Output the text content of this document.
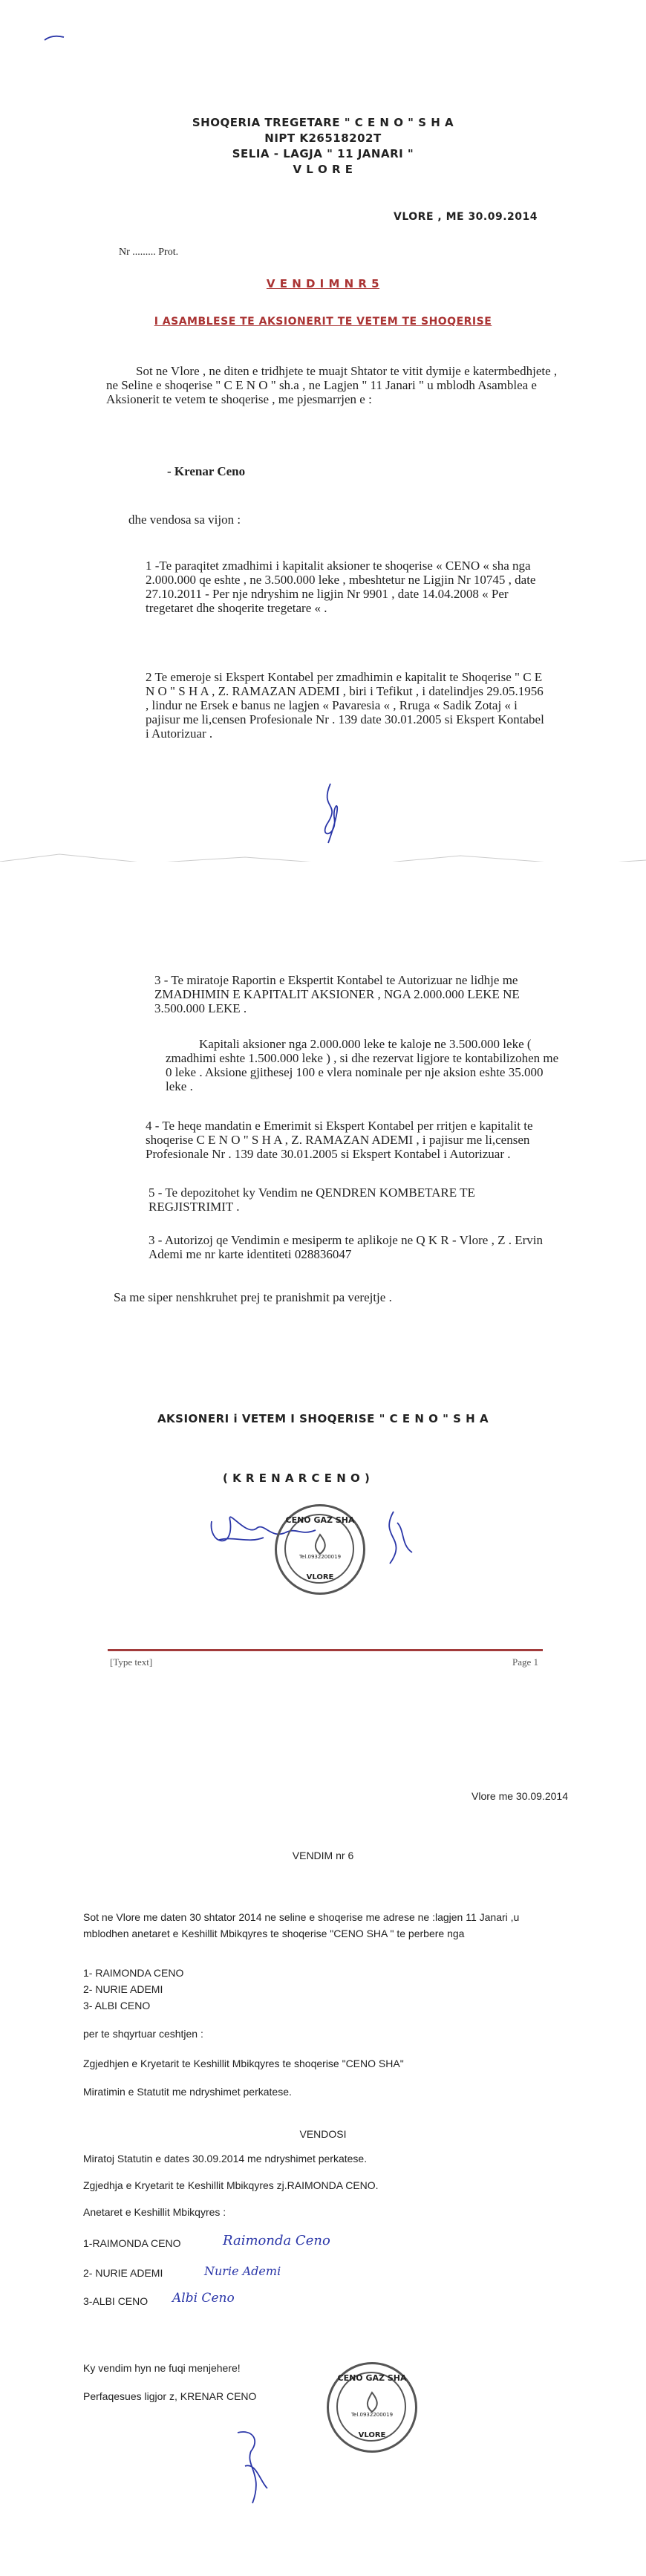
SHOQERIA TREGETARE " C E N O " S H A
NIPT K26518202T
SELIA - LAGJA " 11 JANARI "
V L O R E
VLORE , ME 30.09.2014
Nr ......... Prot.
V E N D I M N R 5
I ASAMBLESE TE AKSIONERIT TE VETEM TE SHOQERISE
Sot ne Vlore , ne diten e tridhjete te muajt Shtator te vitit dymije e katermbedhjete , ne Seline e shoqerise " C E N O " sh.a , ne Lagjen " 11 Janari " u mblodh Asamblea e Aksionerit te vetem te shoqerise , me pjesmarrjen e :
- Krenar Ceno
dhe vendosa sa vijon :
1 -Te paraqitet zmadhimi i kapitalit aksioner te shoqerise « CENO « sha nga 2.000.000 qe eshte , ne 3.500.000 leke , mbeshtetur ne Ligjin Nr 10745 , date 27.10.2011 - Per nje ndryshim ne ligjin Nr 9901 , date 14.04.2008 « Per tregetaret dhe shoqerite tregetare « .
2 Te emeroje si Ekspert Kontabel per zmadhimin e kapitalit te Shoqerise " C E N O " S H A , Z. RAMAZAN ADEMI , biri i Tefikut , i datelindjes 29.05.1956 , lindur ne Ersek e banus ne lagjen « Pavaresia « , Rruga « Sadik Zotaj « i pajisur me li,censen Profesionale Nr . 139 date 30.01.2005 si Ekspert Kontabel i Autorizuar .
3 - Te miratoje Raportin e Ekspertit Kontabel te Autorizuar ne lidhje me ZMADHIMIN E KAPITALIT AKSIONER , NGA 2.000.000 LEKE NE 3.500.000 LEKE .
Kapitali aksioner nga 2.000.000 leke te kaloje ne 3.500.000 leke ( zmadhimi eshte 1.500.000 leke ) , si dhe rezervat ligjore te kontabilizohen me 0 leke . Aksione gjithesej 100 e vlera nominale per nje aksion eshte 35.000 leke .
4 - Te heqe mandatin e Emerimit si Ekspert Kontabel per rritjen e kapitalit te shoqerise C E N O " S H A , Z. RAMAZAN ADEMI , i pajisur me li,censen Profesionale Nr . 139 date 30.01.2005 si Ekspert Kontabel i Autorizuar .
5 - Te depozitohet ky Vendim ne QENDREN KOMBETARE TE REGJISTRIMIT .
3 - Autorizoj qe Vendimin e mesiperm te aplikoje ne Q K R - Vlore , Z . Ervin Ademi me nr karte identiteti 028836047
Sa me siper nenshkruhet prej te pranishmit pa verejtje .
AKSIONERI i VETEM I SHOQERISE " C E N O " S H A
( K R E N A R C E N O )
CENO GAZ SHA
Tel.0932200019
VLORE
[Type text]	Page 1
Vlore me 30.09.2014
VENDIM nr 6
Sot ne Vlore me daten 30 shtator 2014 ne seline e shoqerise me adrese ne :lagjen 11 Janari ,u mblodhen anetaret e Keshillit Mbikqyres te shoqerise "CENO SHA " te perbere nga
1- RAIMONDA CENO
2- NURIE ADEMI
3- ALBI CENO
per te shqyrtuar ceshtjen :
Zgjedhjen e Kryetarit te Keshillit Mbikqyres te shoqerise "CENO SHA"
Miratimin e Statutit me ndryshimet perkatese.
VENDOSI
Miratoj Statutin e dates 30.09.2014 me ndryshimet perkatese.
Zgjedhja e Kryetarit te Keshillit Mbikqyres zj.RAIMONDA CENO.
Anetaret e Keshillit Mbikqyres :
1-RAIMONDA CENO	Raimonda Ceno
2- NURIE ADEMI	Nurie Ademi
3-ALBI CENO Albi Ceno
Ky vendim hyn ne fuqi menjehere!
Perfaqesues ligjor z, KRENAR CENO
CENO GAZ SHA
Tel.0932200019
VLORE
